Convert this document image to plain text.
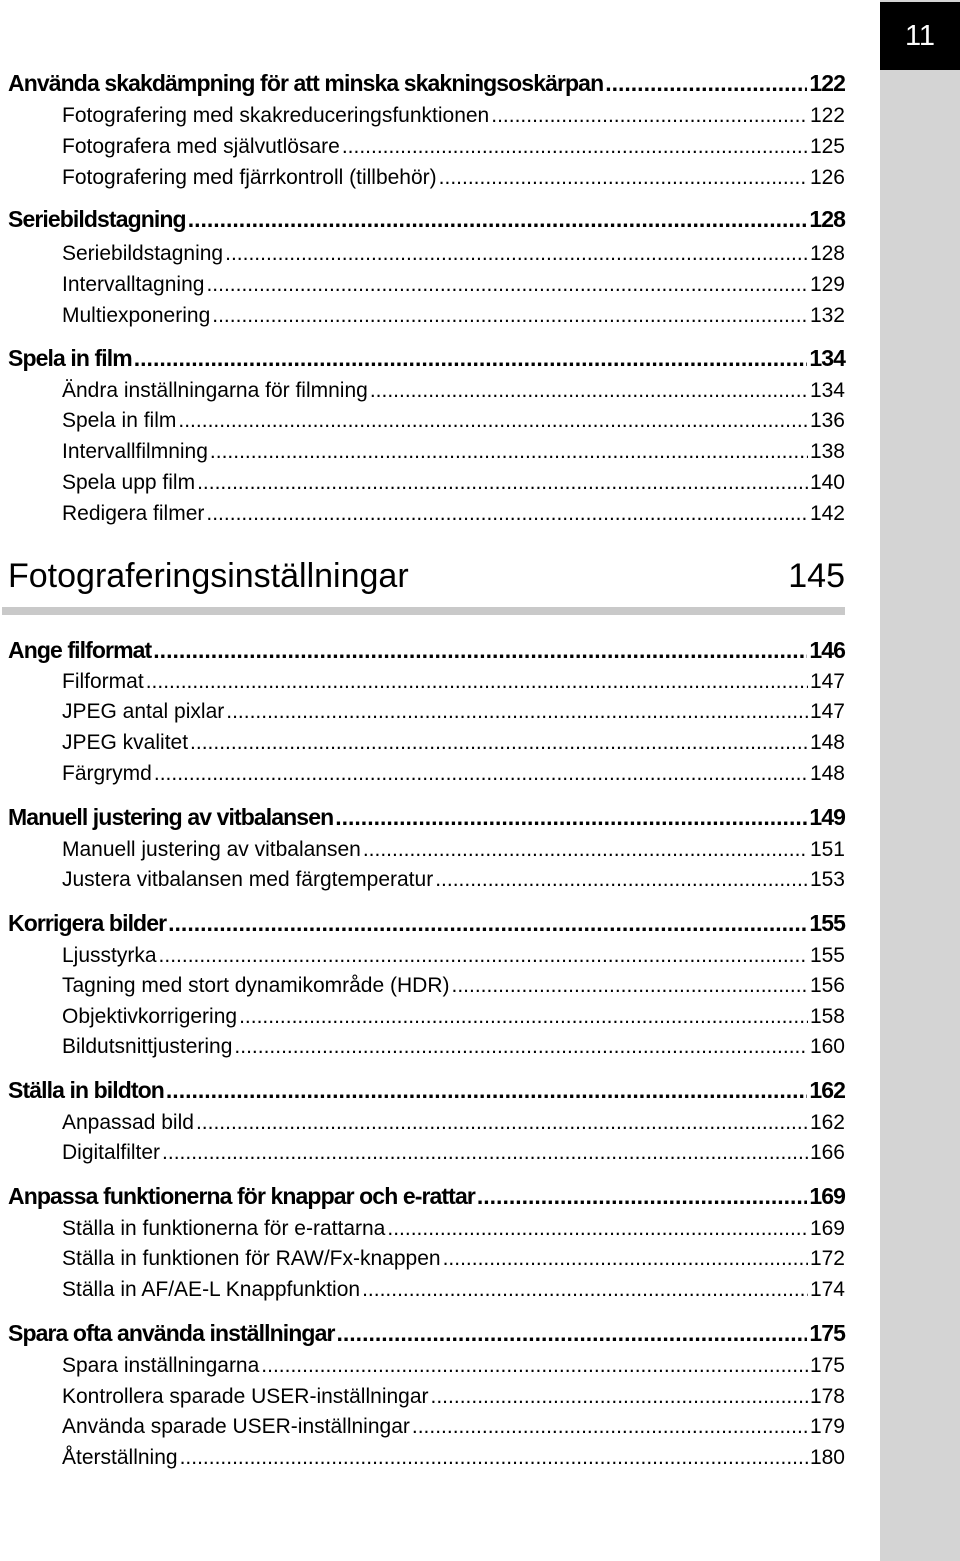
11
Använda skakdämpning för att minska skakningsoskärpan .....	122
Fotografering med skakreduceringsfunktionen .....	122
Fotografera med självutlösare .....	125
Fotografering med fjärrkontroll (tillbehör) .....	126
Seriebildstagning .....	128
Seriebildstagning .....	128
Intervalltagning .....	129
Multiexponering .....	132
Spela in film .....	134
Ändra inställningarna för filmning .....	134
Spela in film .....	136
Intervallfilmning .....	138
Spela upp film .....	140
Redigera filmer .....	142
Fotograferingsinställningar	145
Ange filformat .....	146
Filformat .....	147
JPEG antal pixlar .....	147
JPEG kvalitet .....	148
Färgrymd .....	148
Manuell justering av vitbalansen .....	149
Manuell justering av vitbalansen .....	151
Justera vitbalansen med färgtemperatur .....	153
Korrigera bilder .....	155
Ljusstyrka .....	155
Tagning med stort dynamikområde (HDR) .....	156
Objektivkorrigering .....	158
Bildutsnittjustering .....	160
Ställa in bildton .....	162
Anpassad bild .....	162
Digitalfilter .....	166
Anpassa funktionerna för knappar och e-rattar .....	169
Ställa in funktionerna för e-rattarna .....	169
Ställa in funktionen för RAW/Fx-knappen .....	172
Ställa in AF/AE-L Knappfunktion .....	174
Spara ofta använda inställningar .....	175
Spara inställningarna .....	175
Kontrollera sparade USER-inställningar .....	178
Använda sparade USER-inställningar .....	179
Återställning .....	180
